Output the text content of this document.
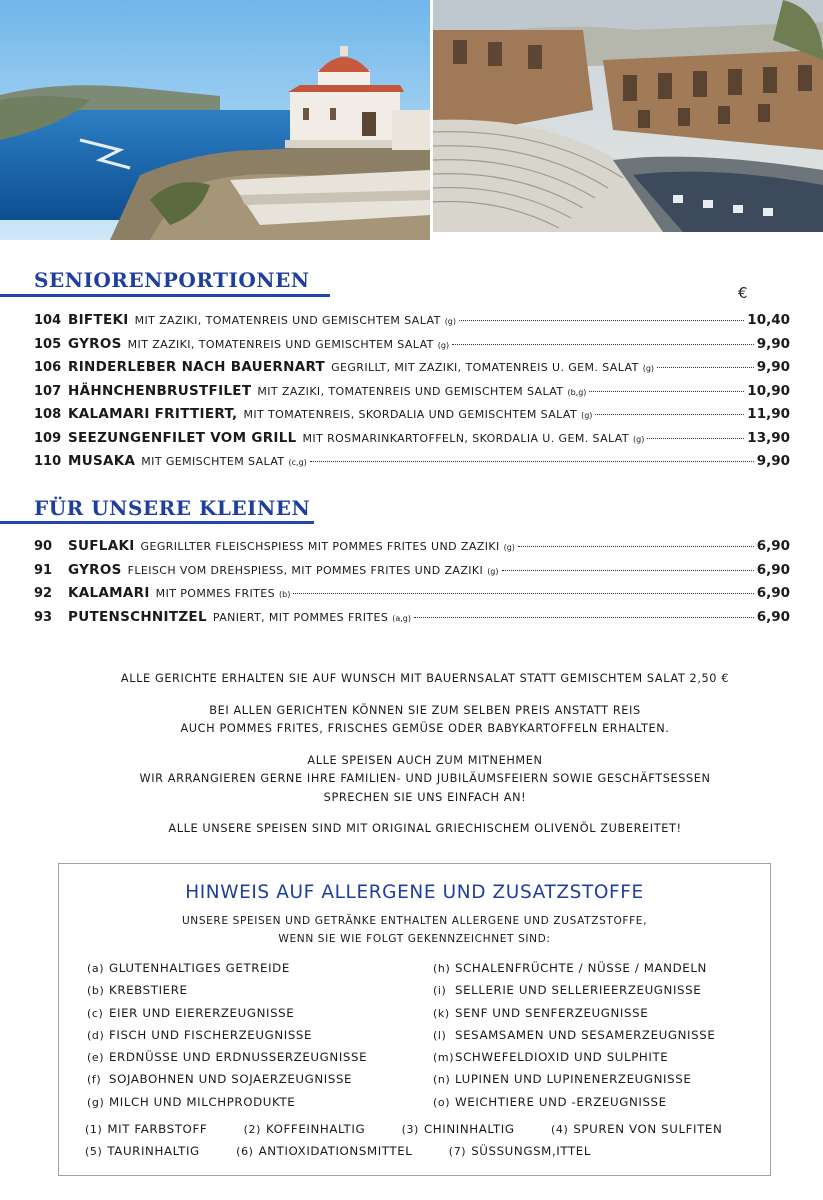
SENIORENPORTIONEN
€
104 BIFTEKI MIT ZAZIKI, TOMATENREIS UND GEMISCHTEM SALAT (g)	10,40
105 GYROS MIT ZAZIKI, TOMATENREIS UND GEMISCHTEM SALAT (g)	9,90
106 RINDERLEBER NACH BAUERNART GEGRILLT, MIT ZAZIKI, TOMATENREIS U. GEM. SALAT (g)	9,90
107 HÄHNCHENBRUSTFILET MIT ZAZIKI, TOMATENREIS UND GEMISCHTEM SALAT (b,g)	10,90
108 KALAMARI FRITTIERT, MIT TOMATENREIS, SKORDALIA UND GEMISCHTEM SALAT (g)	11,90
109 SEEZUNGENFILET VOM GRILL MIT ROSMARINKARTOFFELN, SKORDALIA U. GEM. SALAT (g)	13,90
110 MUSAKA MIT GEMISCHTEM SALAT (c,g)	9,90
FÜR UNSERE KLEINEN
90	SUFLAKI GEGRILLTER FLEISCHSPIESS MIT POMMES FRITES UND ZAZIKI (g)	6,90
91	GYROS FLEISCH VOM DREHSPIESS, MIT POMMES FRITES UND ZAZIKI (g)	6,90
92	KALAMARI MIT POMMES FRITES (b)	6,90
93	PUTENSCHNITZEL PANIERT, MIT POMMES FRITES (a,g)	6,90
ALLE GERICHTE ERHALTEN SIE AUF WUNSCH MIT BAUERNSALAT STATT GEMISCHTEM SALAT 2,50 €
BEI ALLEN GERICHTEN KÖNNEN SIE ZUM SELBEN PREIS ANSTATT REIS
AUCH POMMES FRITES, FRISCHES GEMÜSE ODER BABYKARTOFFELN ERHALTEN.
ALLE SPEISEN AUCH ZUM MITNEHMEN
WIR ARRANGIEREN GERNE IHRE FAMILIEN- UND JUBILÄUMSFEIERN SOWIE GESCHÄFTSESSEN
SPRECHEN SIE UNS EINFACH AN!
ALLE UNSERE SPEISEN SIND MIT ORIGINAL GRIECHISCHEM OLIVENÖL ZUBEREITET!
HINWEIS AUF ALLERGENE UND ZUSATZSTOFFE
UNSERE SPEISEN UND GETRÄNKE ENTHALTEN ALLERGENE UND ZUSATZSTOFFE,
WENN SIE WIE FOLGT GEKENNZEICHNET SIND:
(a) GLUTENHALTIGES GETREIDE
(b) KREBSTIERE
(c) EIER UND EIERERZEUGNISSE
(d) FISCH UND FISCHERZEUGNISSE
(e) ERDNÜSSE UND ERDNUSSERZEUGNISSE
(f) SOJABOHNEN UND SOJAERZEUGNISSE
(g) MILCH UND MILCHPRODUKTE
(h) SCHALENFRÜCHTE / NÜSSE / MANDELN
(i) SELLERIE UND SELLERIEERZEUGNISSE
(k) SENF UND SENFERZEUGNISSE
(l) SESAMSAMEN UND SESAMERZEUGNISSE
(m)SCHWEFELDIOXID UND SULPHITE
(n) LUPINEN UND LUPINENERZEUGNISSE
(o) WEICHTIERE UND -ERZEUGNISSE
(1) MIT FARBSTOFF	(2) KOFFEINHALTIG	(3) CHININHALTIG	(4) SPUREN VON SULFITEN
(5) TAURINHALTIG	(6) ANTIOXIDATIONSMITTEL	(7) SÜSSUNGSM,ITTEL
